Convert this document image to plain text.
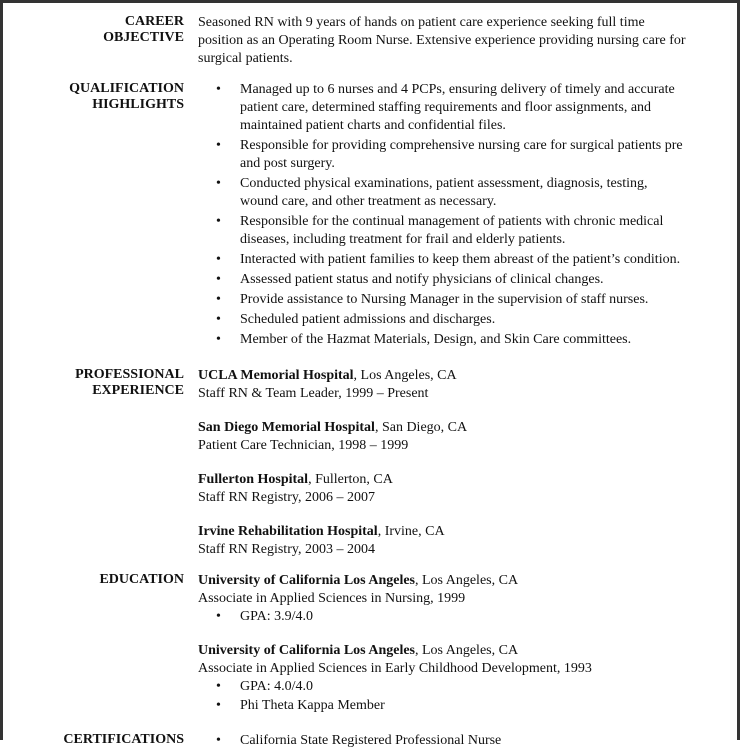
CAREER
OBJECTIVE
Seasoned RN with 9 years of hands on patient care experience seeking full time position as an Operating Room Nurse. Extensive experience providing nursing care for surgical patients.
QUALIFICATION
HIGHLIGHTS
• Managed up to 6 nurses and 4 PCPs, ensuring delivery of timely and accurate patient care, determined staffing requirements and floor assignments, and maintained patient charts and confidential files.
• Responsible for providing comprehensive nursing care for surgical patients pre and post surgery.
• Conducted physical examinations, patient assessment, diagnosis, testing, wound care, and other treatment as necessary.
• Responsible for the continual management of patients with chronic medical diseases, including treatment for frail and elderly patients.
• Interacted with patient families to keep them abreast of the patient’s condition.
• Assessed patient status and notify physicians of clinical changes.
• Provide assistance to Nursing Manager in the supervision of staff nurses.
• Scheduled patient admissions and discharges.
• Member of the Hazmat Materials, Design, and Skin Care committees.
PROFESSIONAL
EXPERIENCE
UCLA Memorial Hospital, Los Angeles, CA
Staff RN & Team Leader, 1999 – Present
San Diego Memorial Hospital, San Diego, CA
Patient Care Technician, 1998 – 1999
Fullerton Hospital, Fullerton, CA
Staff RN Registry, 2006 – 2007
Irvine Rehabilitation Hospital, Irvine, CA
Staff RN Registry, 2003 – 2004
EDUCATION University of California Los Angeles, Los Angeles, CA
Associate in Applied Sciences in Nursing, 1999
• GPA: 3.9/4.0
University of California Los Angeles, Los Angeles, CA
Associate in Applied Sciences in Early Childhood Development, 1993
• GPA: 4.0/4.0
• Phi Theta Kappa Member
CERTIFICATIONS
•	California State Registered Professional Nurse
